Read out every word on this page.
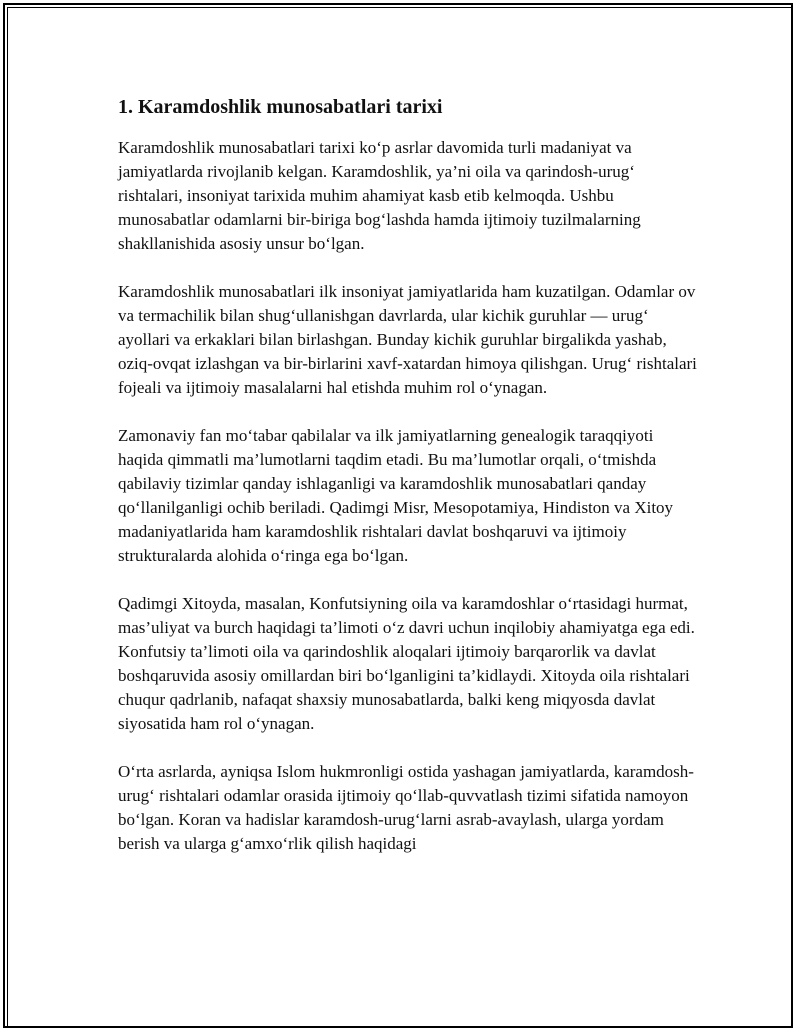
1. Karamdoshlik munosabatlari tarixi

Karamdoshlik munosabatlari tarixi ko‘p asrlar davomida turli madaniyat va jamiyatlarda rivojlanib kelgan. Karamdoshlik, ya’ni oila va qarindosh-urug‘ rishtalari, insoniyat tarixida muhim ahamiyat kasb etib kelmoqda. Ushbu munosabatlar odamlarni bir-biriga bog‘lashda hamda ijtimoiy tuzilmalarning shakllanishida asosiy unsur bo‘lgan.

Karamdoshlik munosabatlari ilk insoniyat jamiyatlarida ham kuzatilgan. Odamlar ov va termachilik bilan shug‘ullanishgan davrlarda, ular kichik guruhlar — urug‘ ayollari va erkaklari bilan birlashgan. Bunday kichik guruhlar birgalikda yashab, oziq-ovqat izlashgan va bir-birlarini xavf-xatardan himoya qilishgan. Urug‘ rishtalari fojeali va ijtimoiy masalalarni hal etishda muhim rol o‘ynagan.

Zamonaviy fan mo‘tabar qabilalar va ilk jamiyatlarning genealogik taraqqiyoti haqida qimmatli ma’lumotlarni taqdim etadi. Bu ma’lumotlar orqali, o‘tmishda qabilaviy tizimlar qanday ishlaganligi va karamdoshlik munosabatlari qanday qo‘llanilganligi ochib beriladi. Qadimgi Misr, Mesopotamiya, Hindiston va Xitoy madaniyatlarida ham karamdoshlik rishtalari davlat boshqaruvi va ijtimoiy strukturalarda alohida o‘ringa ega bo‘lgan.

Qadimgi Xitoyda, masalan, Konfutsiyning oila va karamdoshlar o‘rtasidagi hurmat, mas’uliyat va burch haqidagi ta’limoti o‘z davri uchun inqilobiy ahamiyatga ega edi. Konfutsiy ta’limoti oila va qarindoshlik aloqalari ijtimoiy barqarorlik va davlat boshqaruvida asosiy omillardan biri bo‘lganligini ta’kidlaydi. Xitoyda oila rishtalari chuqur qadrlanib, nafaqat shaxsiy munosabatlarda, balki keng miqyosda davlat siyosatida ham rol o‘ynagan.

O‘rta asrlarda, ayniqsa Islom hukmronligi ostida yashagan jamiyatlarda, karamdosh-urug‘ rishtalari odamlar orasida ijtimoiy qo‘llab-quvvatlash tizimi sifatida namoyon bo‘lgan. Koran va hadislar karamdosh-urug‘larni asrab-avaylash, ularga yordam berish va ularga g‘amxo‘rlik qilish haqidagi
